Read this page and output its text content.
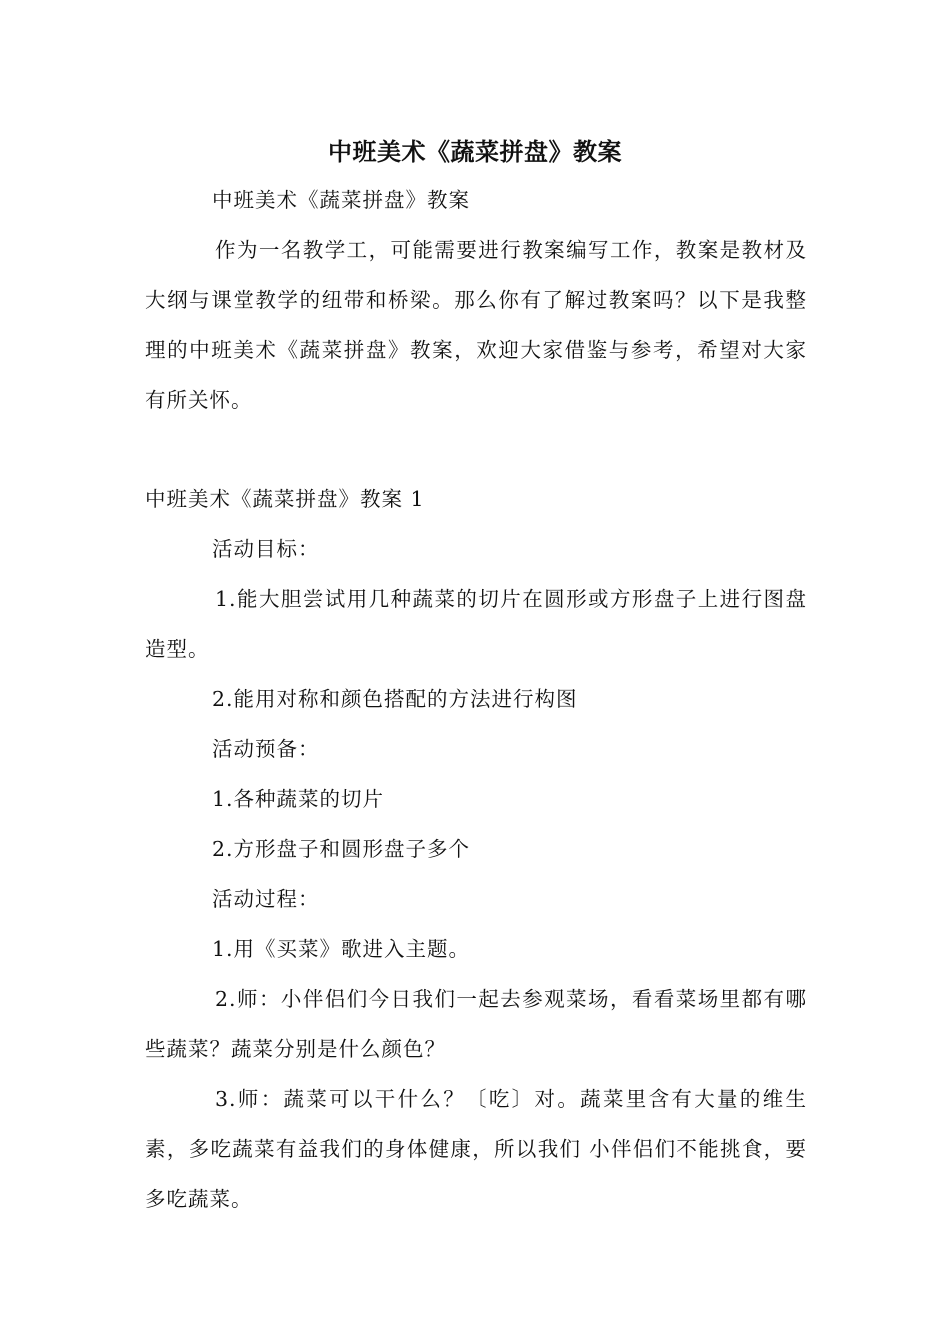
中班美术《蔬菜拼盘》教案

中班美术《蔬菜拼盘》教案

作为一名教学工，可能需要进行教案编写工作，教案是教材及大纲与课堂教学的纽带和桥梁。那么你有了解过教案吗？以下是我整理的中班美术《蔬菜拼盘》教案，欢迎大家借鉴与参考，希望对大家有所关怀。

中班美术《蔬菜拼盘》教案 1

活动目标：

1.能大胆尝试用几种蔬菜的切片在圆形或方形盘子上进行图盘造型。

2.能用对称和颜色搭配的方法进行构图

活动预备：

1.各种蔬菜的切片

2.方形盘子和圆形盘子多个

活动过程：

1.用《买菜》歌进入主题。

2.师：小伴侣们今日我们一起去参观菜场，看看菜场里都有哪些蔬菜？蔬菜分别是什么颜色？

3.师：蔬菜可以干什么？〔吃〕对。蔬菜里含有大量的维生素，多吃蔬菜有益我们的身体健康，所以我们 小伴侣们不能挑食，要多吃蔬菜。
